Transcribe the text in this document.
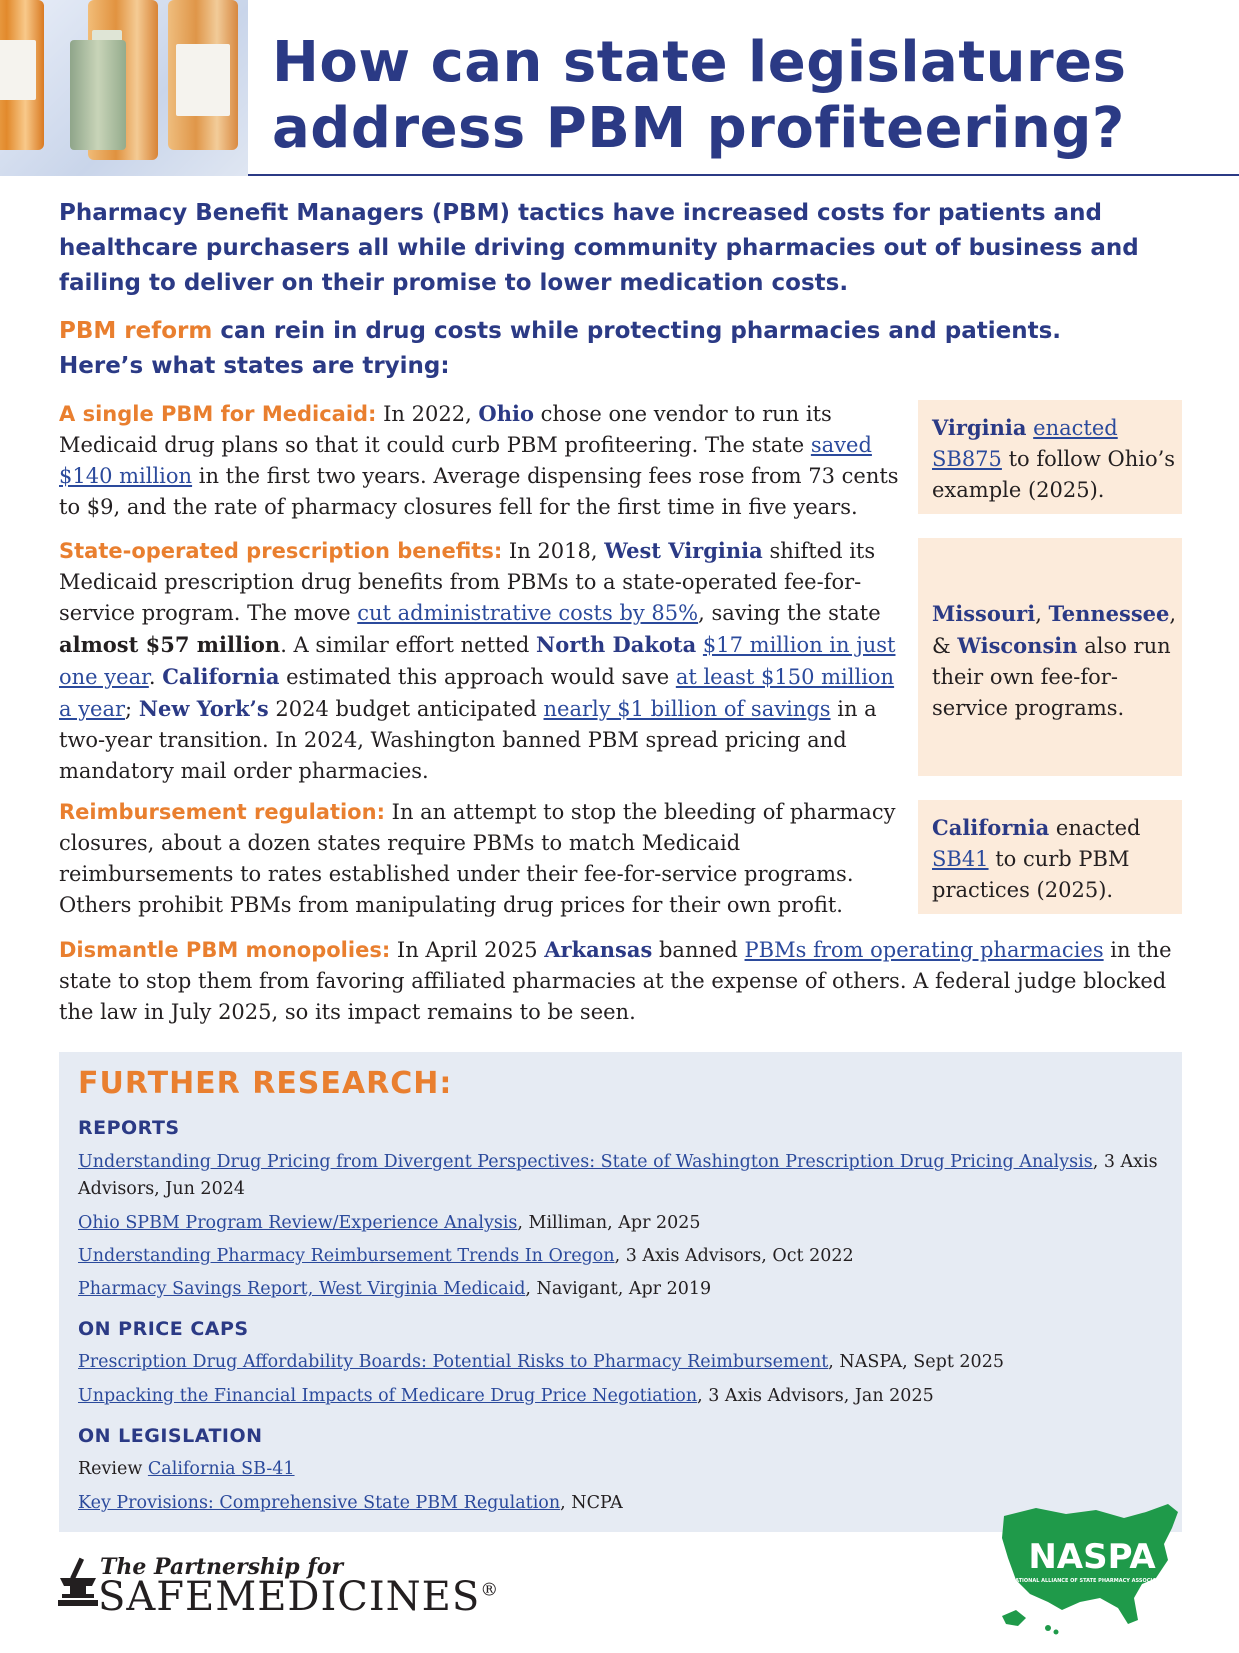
How can state legislatures
address PBM profiteering?
Pharmacy Benefit Managers (PBM) tactics have increased costs for patients and healthcare purchasers all while driving community pharmacies out of business and failing to deliver on their promise to lower medication costs.
PBM reform can rein in drug costs while protecting pharmacies and patients.
Here’s what states are trying:
A single PBM for Medicaid: In 2022, Ohio chose one vendor to run its Medicaid drug plans so that it could curb PBM profiteering. The state saved $140 million in the first two years. Average dispensing fees rose from 73 cents to $9, and the rate of pharmacy closures fell for the first time in five years.
Virginia enacted SB875 to follow Ohio’s example (2025).
State-operated prescription benefits: In 2018, West Virginia shifted its Medicaid prescription drug benefits from PBMs to a state-operated fee-for-service program. The move cut administrative costs by 85%, saving the state almost $57 million. A similar effort netted North Dakota $17 million in just one year. California estimated this approach would save at least $150 million a year; New York’s 2024 budget anticipated nearly $1 billion of savings in a two-year transition. In 2024, Washington banned PBM spread pricing and mandatory mail order pharmacies.
Missouri, Tennessee, & Wisconsin also run their own fee-for-service programs.
Reimbursement regulation: In an attempt to stop the bleeding of pharmacy closures, about a dozen states require PBMs to match Medicaid reimbursements to rates established under their fee-for-service programs. Others prohibit PBMs from manipulating drug prices for their own profit.
California enacted SB41 to curb PBM practices (2025).
Dismantle PBM monopolies: In April 2025 Arkansas banned PBMs from operating pharmacies in the state to stop them from favoring affiliated pharmacies at the expense of others. A federal judge blocked the law in July 2025, so its impact remains to be seen.
FURTHER RESEARCH:
REPORTS
Understanding Drug Pricing from Divergent Perspectives: State of Washington Prescription Drug Pricing Analysis, 3 Axis Advisors, Jun 2024
Ohio SPBM Program Review/Experience Analysis, Milliman, Apr 2025
Understanding Pharmacy Reimbursement Trends In Oregon, 3 Axis Advisors, Oct 2022
Pharmacy Savings Report, West Virginia Medicaid, Navigant, Apr 2019
ON PRICE CAPS
Prescription Drug Affordability Boards: Potential Risks to Pharmacy Reimbursement, NASPA, Sept 2025
Unpacking the Financial Impacts of Medicare Drug Price Negotiation, 3 Axis Advisors, Jan 2025
ON LEGISLATION
Review California SB-41
Key Provisions: Comprehensive State PBM Regulation, NCPA
The Partnership for
SAFEMEDICINES®
NASPA
NATIONAL ALLIANCE OF STATE PHARMACY ASSOCIATIONS
